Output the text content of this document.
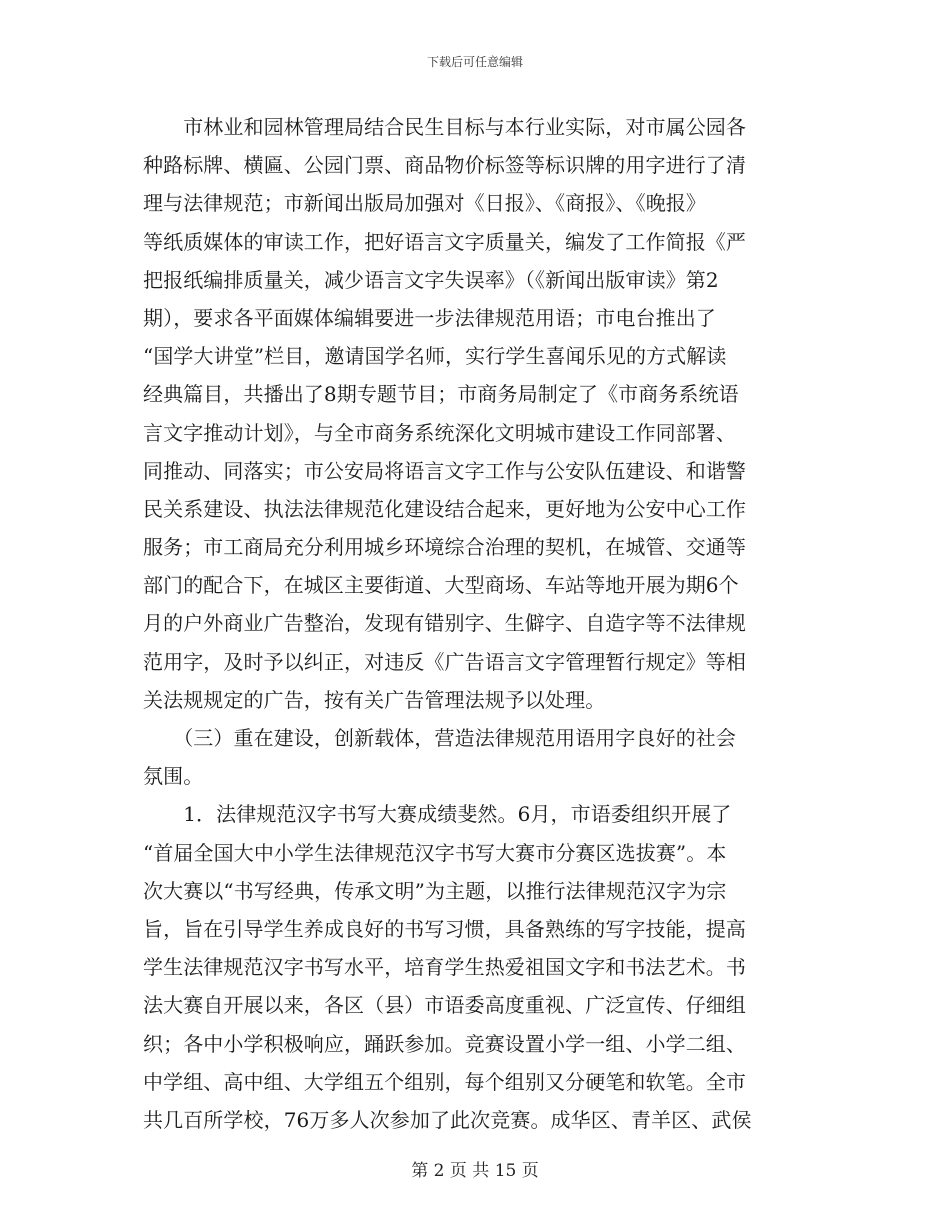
下载后可任意编辑
　　市林业和园林管理局结合民生目标与本行业实际，对市属公园各
种路标牌、横匾、公园门票、商品物价标签等标识牌的用字进行了清
理与法律规范；市新闻出版局加强对《日报》、《商报》、《晚报》
等纸质媒体的审读工作，把好语言文字质量关，编发了工作简报《严
把报纸编排质量关，减少语言文字失误率》（《新闻出版审读》第2
期），要求各平面媒体编辑要进一步法律规范用语；市电台推出了
“国学大讲堂”栏目，邀请国学名师，实行学生喜闻乐见的方式解读
经典篇目，共播出了8期专题节目；市商务局制定了《市商务系统语
言文字推动计划》，与全市商务系统深化文明城市建设工作同部署、
同推动、同落实；市公安局将语言文字工作与公安队伍建设、和谐警
民关系建设、执法法律规范化建设结合起来，更好地为公安中心工作
服务；市工商局充分利用城乡环境综合治理的契机，在城管、交通等
部门的配合下，在城区主要街道、大型商场、车站等地开展为期6个
月的户外商业广告整治，发现有错别字、生僻字、自造字等不法律规
范用字，及时予以纠正，对违反《广告语言文字管理暂行规定》等相
关法规规定的广告，按有关广告管理法规予以处理。
　　（三）重在建设，创新载体，营造法律规范用语用字良好的社会
氛围。
　　1．法律规范汉字书写大赛成绩斐然。6月，市语委组织开展了
“首届全国大中小学生法律规范汉字书写大赛市分赛区选拔赛”。本
次大赛以“书写经典，传承文明”为主题，以推行法律规范汉字为宗
旨，旨在引导学生养成良好的书写习惯，具备熟练的写字技能，提高
学生法律规范汉字书写水平，培育学生热爱祖国文字和书法艺术。书
法大赛自开展以来，各区（县）市语委高度重视、广泛宣传、仔细组
织；各中小学积极响应，踊跃参加。竞赛设置小学一组、小学二组、
中学组、高中组、大学组五个组别，每个组别又分硬笔和软笔。全市
共几百所学校，76万多人次参加了此次竞赛。成华区、青羊区、武侯
第 2 页 共 15 页
